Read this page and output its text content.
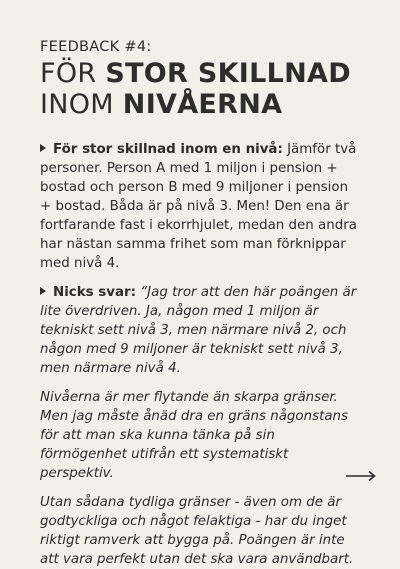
FEEDBACK #4:
FÖR STOR SKILLNAD
INOM NIVÅERNA

För stor skillnad inom en nivå: Jämför två personer. Person A med 1 miljon i pension + bostad och person B med 9 miljoner i pension + bostad. Båda är på nivå 3. Men! Den ena är fortfarande fast i ekorrhjulet, medan den andra har nästan samma frihet som man förknippar med nivå 4.

Nicks svar: “Jag tror att den här poängen är lite överdriven. Ja, någon med 1 miljon är tekniskt sett nivå 3, men närmare nivå 2, och någon med 9 miljoner är tekniskt sett nivå 3, men närmare nivå 4.

Nivåerna är mer flytande än skarpa gränser. Men jag måste ånäd dra en gräns någonstans för att man ska kunna tänka på sin förmögenhet utifrån ett systematiskt perspektiv.

Utan sådana tydliga gränser - även om de är godtyckliga och något felaktiga - har du inget riktigt ramverk att bygga på. Poängen är inte att vara perfekt utan det ska vara användbart.
